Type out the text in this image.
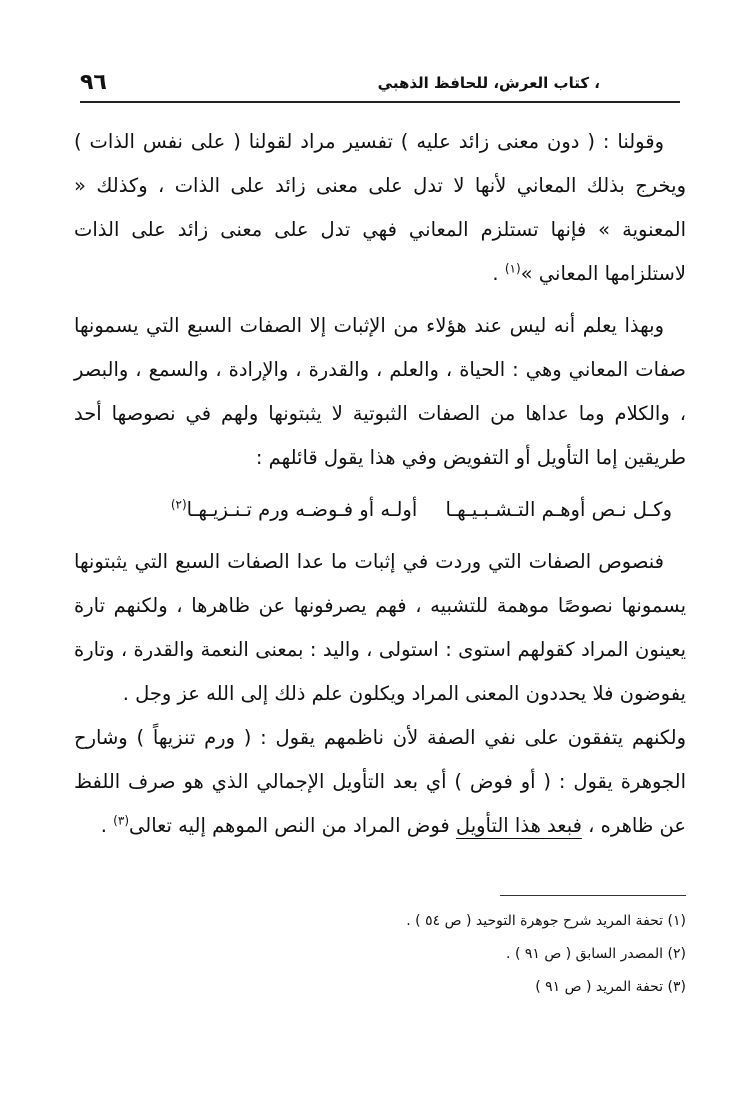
، كتاب العرش، للحافظ الذهبي
٩٦

وقولنا : ( دون معنى زائد عليه ) تفسير مراد لقولنا ( على نفس الذات ) ويخرج بذلك المعاني لأنها لا تدل على معنى زائد على الذات ، وكذلك « المعنوية » فإنها تستلزم المعاني فهي تدل على معنى زائد على الذات لاستلزامها المعاني »$^{(١)}$ .

وبهذا يعلم أنه ليس عند هؤلاء من الإثبات إلا الصفات السبع التي يسمونها صفات المعاني وهي : الحياة ، والعلم ، والقدرة ، والإرادة ، والسمع ، والبصر ، والكلام وما عداها من الصفات الثبوتية لا يثبتونها ولهم في نصوصها أحد طريقين إما التأويل أو التفويض وفي هذا يقول قائلهم :

وكـل نـص أوهـم التـشـبـيـهـا أولـه أو فـوضـه ورم تـنـزيـهـا$^{(٢)}$

فنصوص الصفات التي وردت في إثبات ما عدا الصفات السبع التي يثبتونها يسمونها نصوصًا موهمة للتشبيه ، فهم يصرفونها عن ظاهرها ، ولكنهم تارة يعينون المراد كقولهم استوى : استولى ، واليد : بمعنى النعمة والقدرة ، وتارة يفوضون فلا يحددون المعنى المراد ويكلون علم ذلك إلى الله عز وجل .

ولكنهم يتفقون على نفي الصفة لأن ناظمهم يقول : ( ورم تنزيهاً ) وشارح الجوهرة يقول : ( أو فوض ) أي بعد التأويل الإجمالي الذي هو صرف اللفظ عن ظاهره ، فبعد هذا التأويل فوض المراد من النص الموهم إليه تعالى$^{(٣)}$ .

(١) تحفة المريد شرح جوهرة التوحيد ( ص ٥٤ ) .

(٢) المصدر السابق ( ص ٩١ ) .

(٣) تحفة المريد ( ص ٩١ )
